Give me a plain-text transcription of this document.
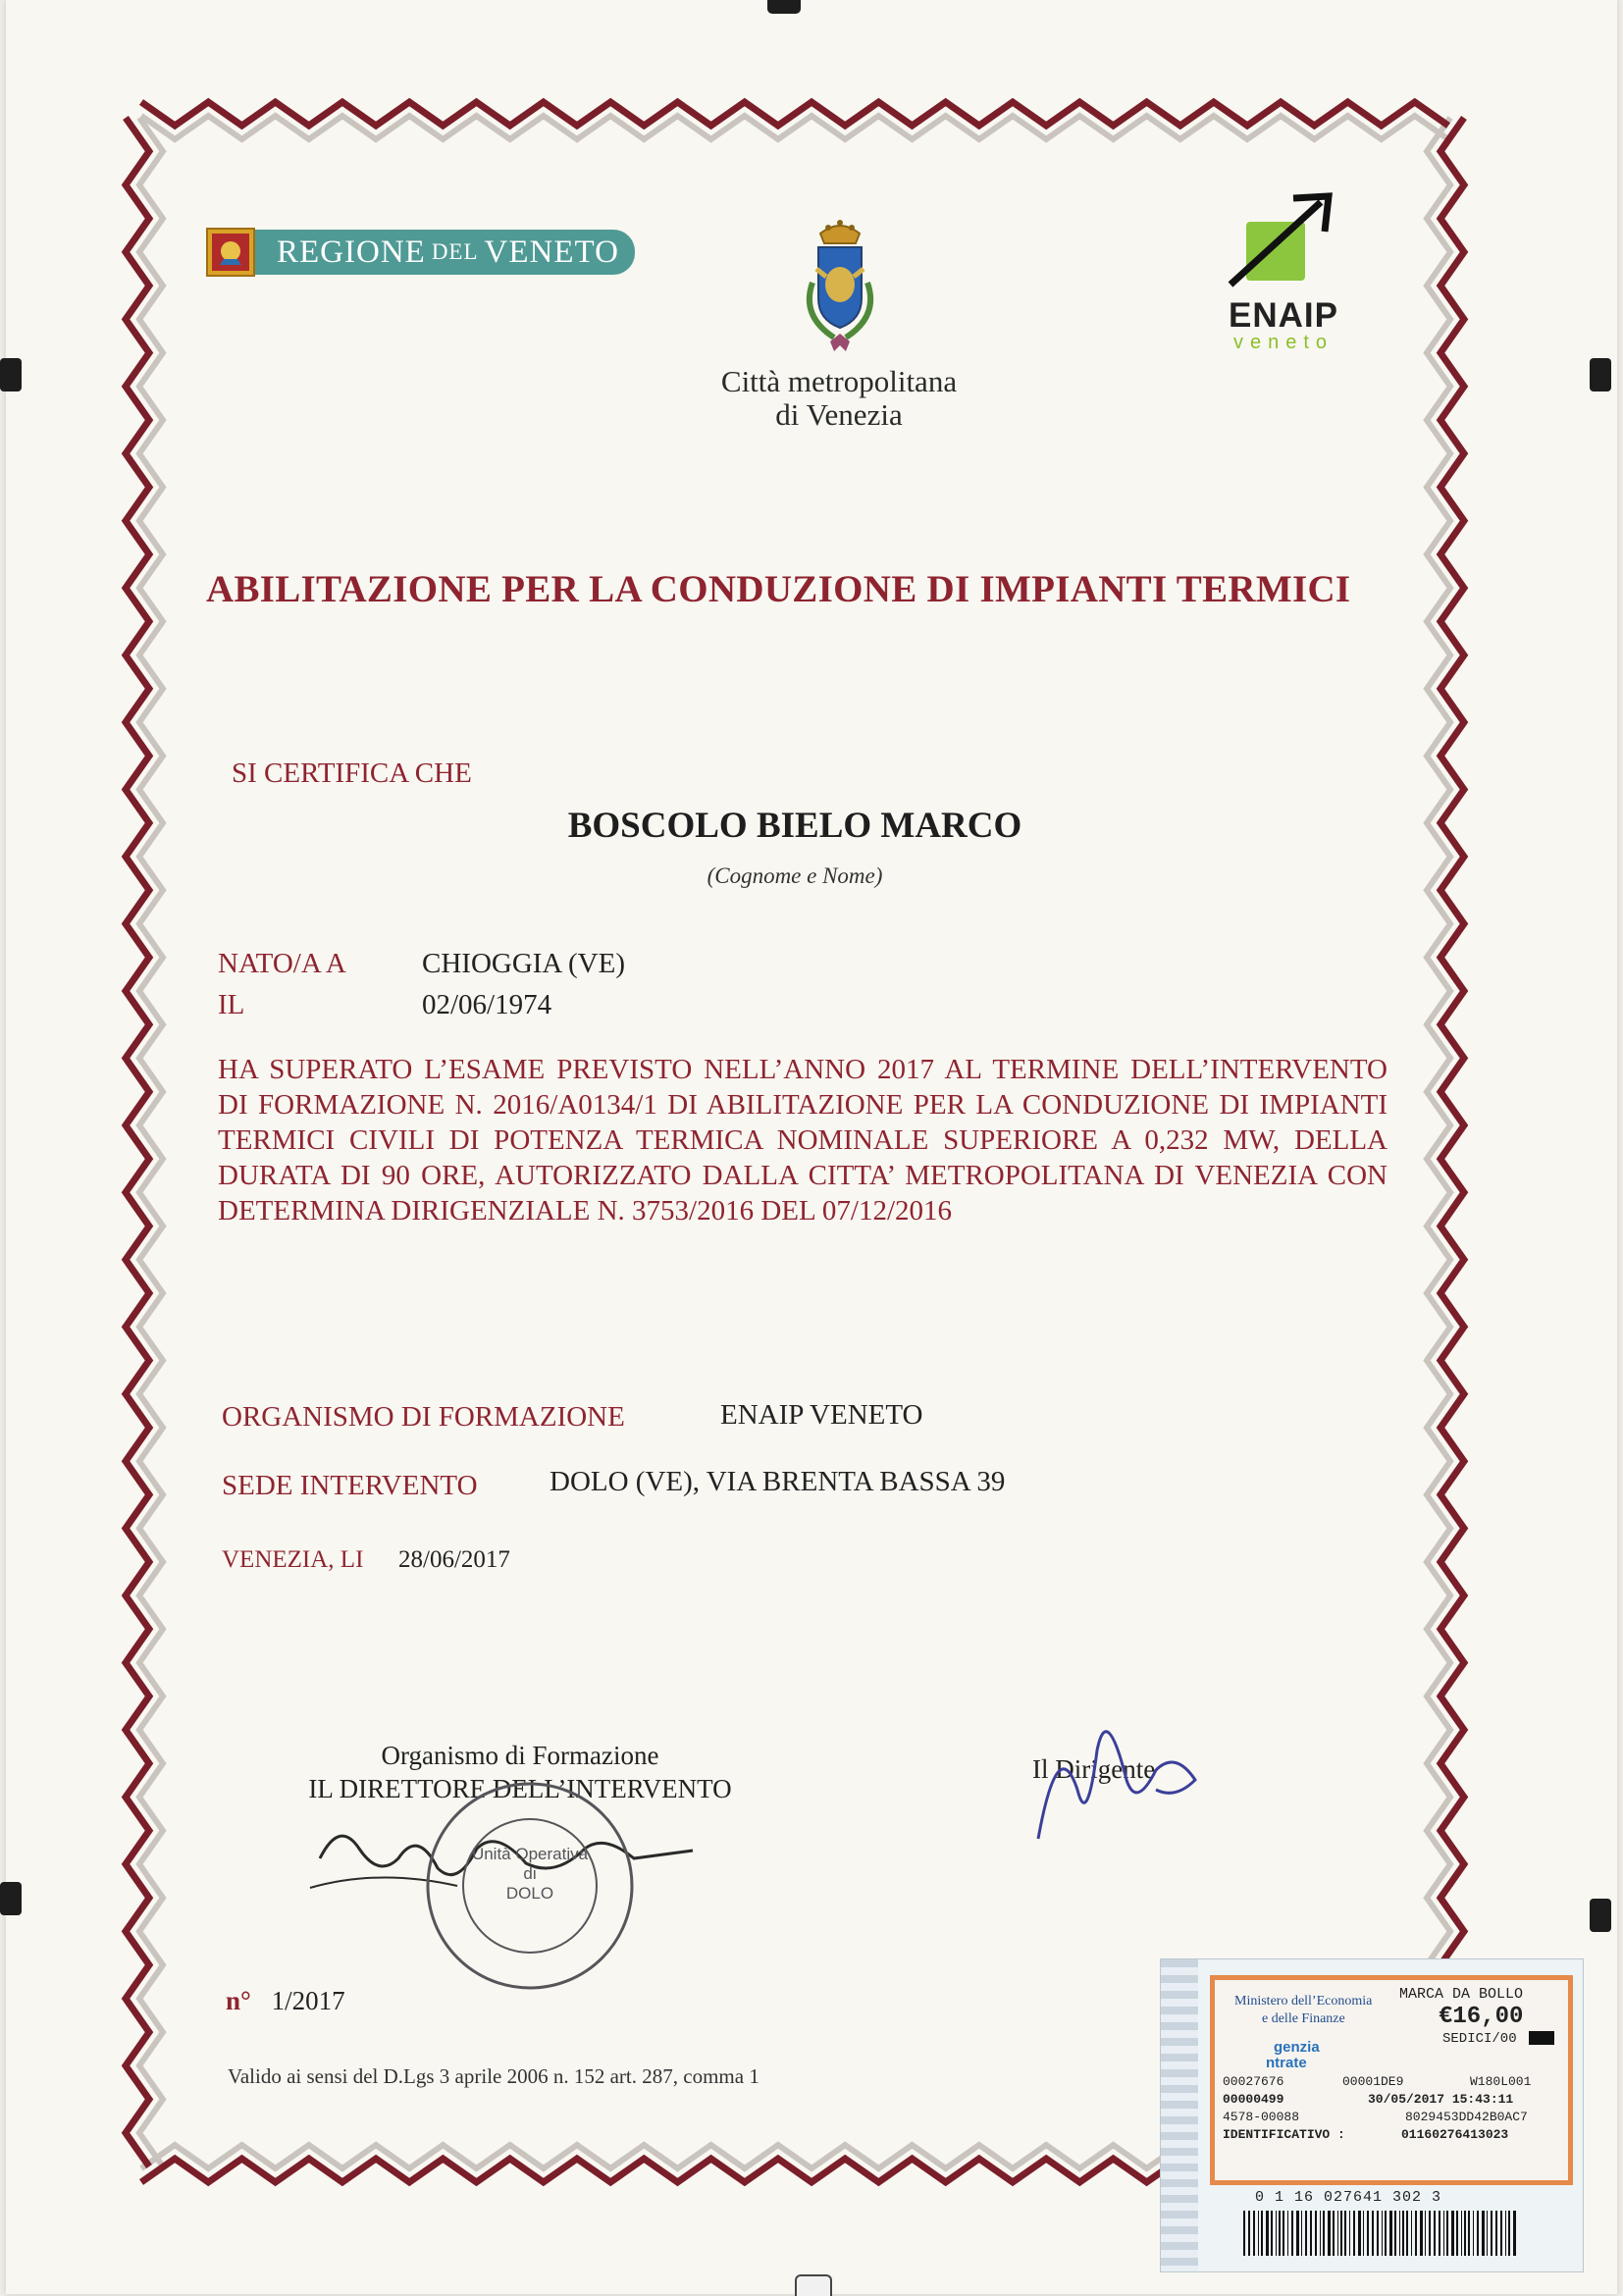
REGIONE DEL VENETO
Città metropolitana
di Venezia
ENAIP
veneto
ABILITAZIONE PER LA CONDUZIONE DI IMPIANTI TERMICI
SI CERTIFICA CHE
BOSCOLO BIELO MARCO
(Cognome e Nome)
NATO/A A	CHIOGGIA (VE)
IL	02/06/1974
HA SUPERATO L’ESAME PREVISTO NELL’ANNO 2017 AL TERMINE DELL’INTERVENTO DI FORMAZIONE N. 2016/A0134/1 DI ABILITAZIONE PER LA CONDUZIONE DI IMPIANTI TERMICI CIVILI DI POTENZA TERMICA NOMINALE SUPERIORE A 0,232 MW, DELLA DURATA DI 90 ORE, AUTORIZZATO DALLA CITTA’ METROPOLITANA DI VENEZIA CON DETERMINA DIRIGENZIALE N. 3753/2016 DEL 07/12/2016
ORGANISMO DI FORMAZIONE	ENAIP VENETO
SEDE INTERVENTO	DOLO (VE), VIA BRENTA BASSA 39
VENEZIA, LI 28/06/2017
Organismo di Formazione
IL DIRETTORE DELL’INTERVENTO
Il Dirigente
Unità Operativa
di
DOLO
n° 1/2017
Valido ai sensi del D.Lgs 3 aprile 2006 n. 152 art. 287, comma 1
Ministero dell’Economia
e delle Finanze
MARCA DA BOLLO
€16,00
SEDICI/00
genzia
ntrate
00027676	00001DE9	W180L001
00000499	30/05/2017 15:43:11
4578-00088	8029453DD42B0AC7
IDENTIFICATIVO :	01160276413023
0 1 16 027641 302 3
